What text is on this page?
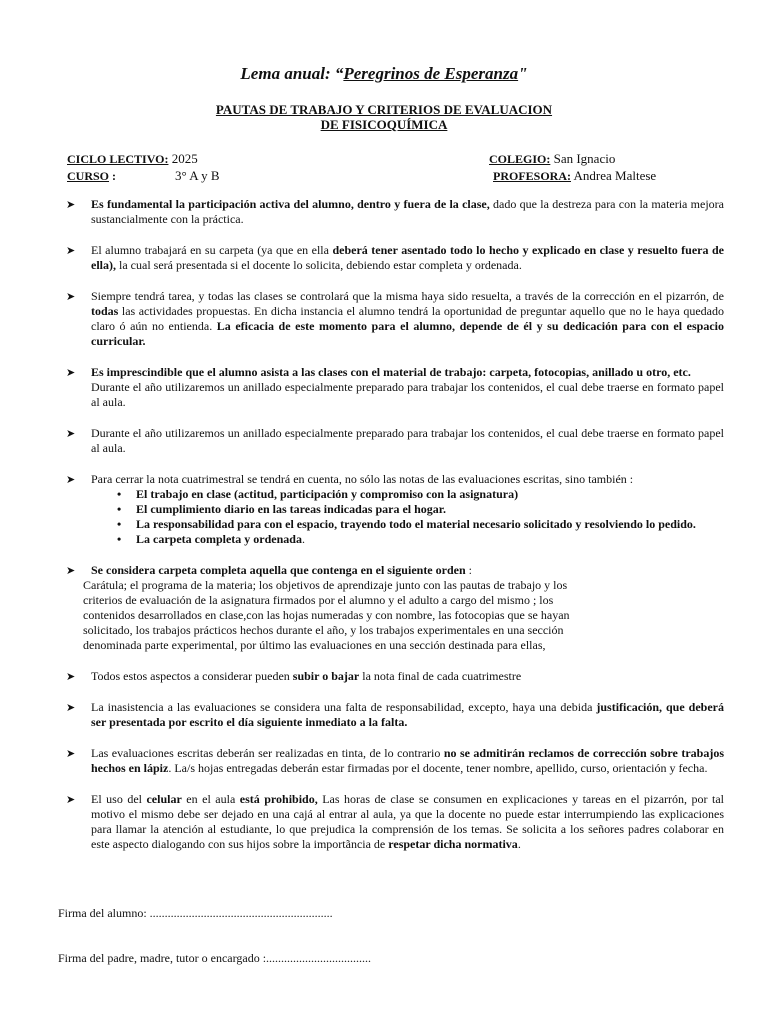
Lema anual: “Peregrinos de Esperanza"
PAUTAS DE TRABAJO Y CRITERIOS DE EVALUACION
DE FISICOQUÍMICA
CICLO LECTIVO: 2025
CURSO :	3° A y B
COLEGIO: San Ignacio
PROFESORA: Andrea Maltese
➤ Es fundamental la participación activa del alumno, dentro y fuera de la clase, dado que la destreza para con la materia mejora sustancialmente con la práctica.
➤ El alumno trabajará en su carpeta (ya que en ella deberá tener asentado todo lo hecho y explicado en clase y resuelto fuera de ella), la cual será presentada si el docente lo solicita, debiendo estar completa y ordenada.
➤ Siempre tendrá tarea, y todas las clases se controlará que la misma haya sido resuelta, a través de la corrección en el pizarrón, de todas las actividades propuestas. En dicha instancia el alumno tendrá la oportunidad de preguntar aquello que no le haya quedado claro ó aún no entienda. La eficacia de este momento para el alumno, depende de él y su dedicación para con el espacio curricular.
➤ Es imprescindible que el alumno asista a las clases con el material de trabajo: carpeta, fotocopias, anillado u otro, etc.
Durante el año utilizaremos un anillado especialmente preparado para trabajar los contenidos, el cual debe traerse en formato papel al aula.
➤ Durante el año utilizaremos un anillado especialmente preparado para trabajar los contenidos, el cual debe traerse en formato papel al aula.
➤ Para cerrar la nota cuatrimestral se tendrá en cuenta, no sólo las notas de las evaluaciones escritas, sino también :
• El trabajo en clase (actitud, participación y compromiso con la asignatura)
• El cumplimiento diario en las tareas indicadas para el hogar.
• La responsabilidad para con el espacio, trayendo todo el material necesario solicitado y resolviendo lo pedido.
• La carpeta completa y ordenada.
➤ Se considera carpeta completa aquella que contenga en el siguiente orden :
Carátula; el programa de la materia; los objetivos de aprendizaje junto con las pautas de trabajo y los criterios de evaluación de la asignatura firmados por el alumno y el adulto a cargo del mismo ; los contenidos desarrollados en clase,con las hojas numeradas y con nombre, las fotocopias que se hayan solicitado, los trabajos prácticos hechos durante el año, y los trabajos experimentales en una sección denominada parte experimental, por último las evaluaciones en una sección destinada para ellas,
➤ Todos estos aspectos a considerar pueden subir o bajar la nota final de cada cuatrimestre
➤ La inasistencia a las evaluaciones se considera una falta de responsabilidad, excepto, haya una debida justificación, que deberá ser presentada por escrito el día siguiente inmediato a la falta.
➤ Las evaluaciones escritas deberán ser realizadas en tinta, de lo contrario no se admitirán reclamos de corrección sobre trabajos hechos en lápiz. La/s hojas entregadas deberán estar firmadas por el docente, tener nombre, apellido, curso, orientación y fecha.
➤ El uso del celular en el aula está prohibido, Las horas de clase se consumen en explicaciones y tareas en el pizarrón, por tal motivo el mismo debe ser dejado en una cajá al entrar al aula, ya que la docente no puede estar interrumpiendo las explicaciones para llamar la atención al estudiante, lo que prejudica la comprensión de los temas. Se solicita a los señores padres colaborar en este aspecto dialogando con sus hijos sobre la importãncia de respetar dicha normativa.
Firma del alumno: .............................................................
Firma del padre, madre, tutor o encargado :...................................
